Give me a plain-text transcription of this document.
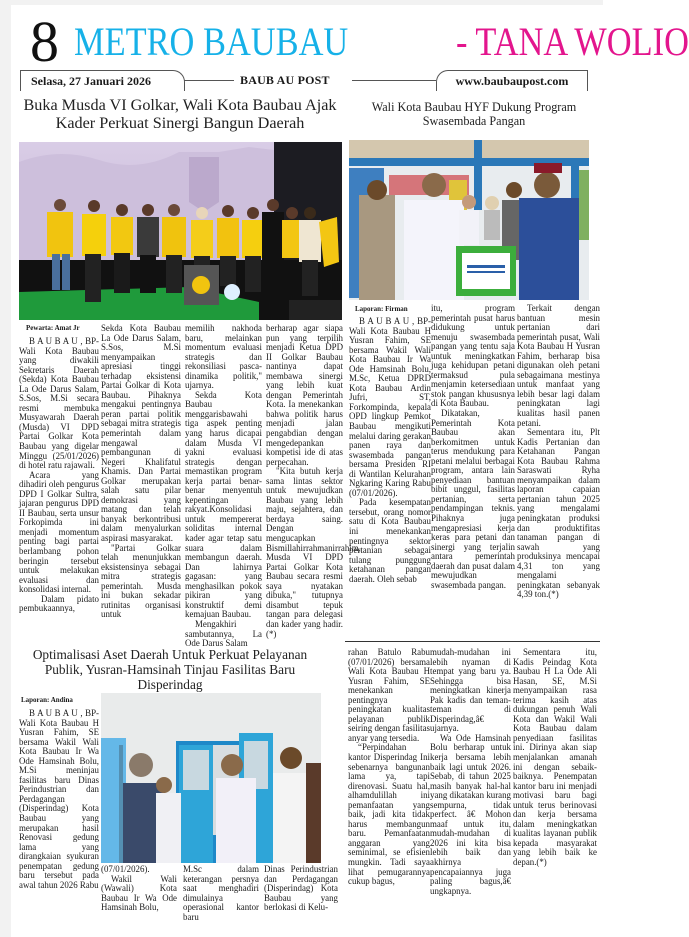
8 METRO BAUBAU	- TANA WOLIO
Selasa, 27 Januari 2026	BAUB AU POST	www.baubaupost.com
Buka Musda VI Golkar, Wali Kota Baubau Ajak Kader Perkuat Sinergi Bangun Daerah
Pewarta: Amat Jr

B A U B A U , BP-Wali Kota Baubau yang diwakili Sekretaris Daerah (Sekda) Kota Baubau La Ode Darus Salam, S.Sos, M.Si secara resmi membuka Musyawarah Daerah (Musda) VI DPD Partai Golkar Kota Baubau yang digelar Minggu (25/01/2026) di hotel ratu rajawali.

Acara yang dihadiri oleh pengurus DPD I Golkar Sultra, jajaran pengurus DPD II Baubau, serta unsur Forkopimda ini menjadi momentum penting bagi partai berlambang pohon beringin tersebut untuk melakukan evaluasi dan konsolidasi internal.

Dalam pidato pembukaannya,

Sekda Kota Baubau La Ode Darus Salam, S.Sos, M.Si menyampaikan apresiasi tinggi terhadap eksistensi Partai Golkar di Kota Baubau. Pihaknya mengakui pentingnya peran partai politik sebagai mitra strategis pemerintah dalam mengawal pembangunan di Negeri Khalifatul Khamis. Dan Partai Golkar merupakan salah satu pilar demokrasi yang matang dan telah banyak berkontribusi dalam menyalurkan aspirasi masyarakat.

"Partai Golkar telah menunjukkan eksistensinya sebagai mitra strategis pemerintah. Musda ini bukan sekadar rutinitas organisasi untuk

memilih nakhoda baru, melainkan momentum evaluasi strategis dan rekonsiliasi pasca-dinamika politik," ujarnya.

Sekda Kota Baubau menggarisbawahi tiga aspek penting yang harus dicapai dalam Musda VI yakni evaluasi strategis dengan memastikan program kerja partai benar-benar menyentuh kepentingan rakyat.Konsolidasi untuk mempererat soliditas internal kader agar tetap satu suara dalam membangun daerah. Dan lahirnya gagasan: yang menghasilkan pokok pikiran yang konstruktif demi kemajuan Baubau.

Mengakhiri sambutannya, La Ode Darus Salam

berharap agar siapa pun yang terpilih menjadi Ketua DPD II Golkar Baubau nantinya dapat membawa sinergi yang lebih kuat dengan Pemerintah Kota. Ia menekankan bahwa politik harus menjadi jalan pengabdian dengan mengedepankan kompetisi ide di atas perpecahan.

"Kita butuh kerja sama lintas sektor untuk mewujudkan Baubau yang lebih maju, sejahtera, dan berdaya saing. Dengan mengucapkan Bismillahirrahmanirrahim, Musda VI DPD Partai Golkar Kota Baubau secara resmi saya nyatakan dibuka," tutupnya disambut tepuk tangan para delegasi dan kader yang hadir.(*)

Wali Kota Baubau HYF Dukung Program Swasembada Pangan
Laporan: Firman

B A U B A U , BP-Wali Kota Baubau H Yusran Fahim, SE bersama Wakil Wali Kota Baubau Ir Wa Ode Hamsinah Bolu, M.Sc, Ketua DPRD Kota Baubau Ardin Jufri, ST, Forkompinda, kepala OPD lingkup Pemkot Baubau mengikuti melalui daring gerakan panen raya dan swasembada pangan bersama Presiden RI di Wantilan Kelurahan Ngkaring Karing Rabu (07/01/2026).

Pada kesempatan tersebut, orang nomor satu di Kota Baubau ini menekankan pentingnya sektor pertanian sebagai tulang punggung ketahanan pangan daerah. Oleh sebab

itu, program pemerintah pusat harus didukung untuk menuju swasembada pangan yang tentu saja untuk meningkatkan juga kehidupan petani termaksud pula menjamin ketersediaan stok pangan khususnya di Kota Baubau.

Dikatakan, Pemerintah Kota Baubau akan berkomitmen untuk terus mendukung para petani melalui berbagai program, antara lain penyediaan bantuan bibit unggul, fasilitas pertanian, serta pendampingan teknis. Pihaknya juga mengapresiasi kerja keras para petani dan sinergi yang terjalin antara pemerintah daerah dan pusat dalam mewujudkan swasembada pangan.

Terkait dengan bantuan mesin pertanian dari pemerintah pusat, Wali Kota Baubau H Yusran Fahim, berharap bisa digunakan oleh petani sebagaimana mestinya untuk manfaat yang lebih besar lagi dalam peningkatan lagi kualitas hasil panen petani.

Sementara itu, Plt Kadis Pertanian dan Ketahanan Pangan Kota Baubau Rahma Saraswati Ryha menyampaikan dalam laporan capaian pertanian tahun 2025 yang mengalami peningkatan produksi dan produktifitas tanaman pangan di sawah yang produksinya mencapai 4,31 ton yang mengalami peningkatan sebanyak 4,39 ton.(*)

Optimalisasi Aset Daerah Untuk Perkuat Pelayanan Publik, Yusran-Hamsinah Tinjau Fasilitas Baru Disperindag
Laporan: Andina

B A U B A U , BP-Wali Kota Baubau H Yusran Fahim, SE bersama Wakil Wali Kota Baubau Ir Wa Ode Hamsinah Bolu, M.Si meninjau fasilitas baru Dinas Perindustrian dan Perdagangan (Disperindag) Kota Baubau yang merupakan hasil Renovasi gedung lama yang dirangkaian syukuran penempatan gedung baru tersebut pada awal tahun 2026 Rabu

(07/01/2026).

Wakil Wali (Wawali) Kota Baubau Ir Wa Ode Hamsinah Bolu,

M.Sc dalam keterangan persnya saat menghadiri dimulainya operasional kantor baru

Dinas Perindustrian dan Perdagangan (Disperindag) Kota Baubau yang berlokasi di Kelu-

rahan Batulo Rabu (07/01/2026) bersama Wali Kota Baubau H Yusran Fahim, SE menekankan pentingnya peningkatan kualitas pelayanan publik seiring dengan fasilitas anyar yang tersedia.

“Perpindahan kantor Disperindag Ini sebenarnya bangunan lama ya, tapi direnovasi. Suatu hal, alhamdulillah ini pemanfaatan yang baik, jadi kita tidak harus membangun baru. Pemanfaatan anggaran yang seminimal, se efisien mungkin. Tadi saya lihat pemugarannya cukup bagus,

mudah-mudahan ini lebih nyaman di tempat yang baru ya. Sehingga bisa meningkatkan kinerja Pak kadis dan teman-teman di Disperindag,â€ ujarnya.

Wa Ode Hamsinah Bolu berharap untuk kerja bersama lebih baik lagi untuk 2026. Sebab, di tahun 2025 masih banyak hal-hal yang dikatakan kurang sempurna, tidak perfect. â€ Mohon maaf untuk itu, mudah-mudahan di 2026 ini kita bisa lebih baik dan akhirnya pencapaiannya juga paling bagus,â€ ungkapnya.

Sementara itu, Kadis Peindag Kota Baubau H La Ode Ali Hasan, SE, M.Si menyampaikan rasa terima kasih atas dukungan penuh Wali Kota dan Wakil Wali Kota Baubau dalam penyediaan fasilitas ini. Dirinya akan siap menjalankan amanah ini dengan sebaik-baiknya. Penempatan kantor baru ini menjadi motivasi baru bagi untuk terus berinovasi dan kerja bersama dalam meningkatkan kualitas layanan publik kepada masyarakat yang lebih baik ke depan.(*)
